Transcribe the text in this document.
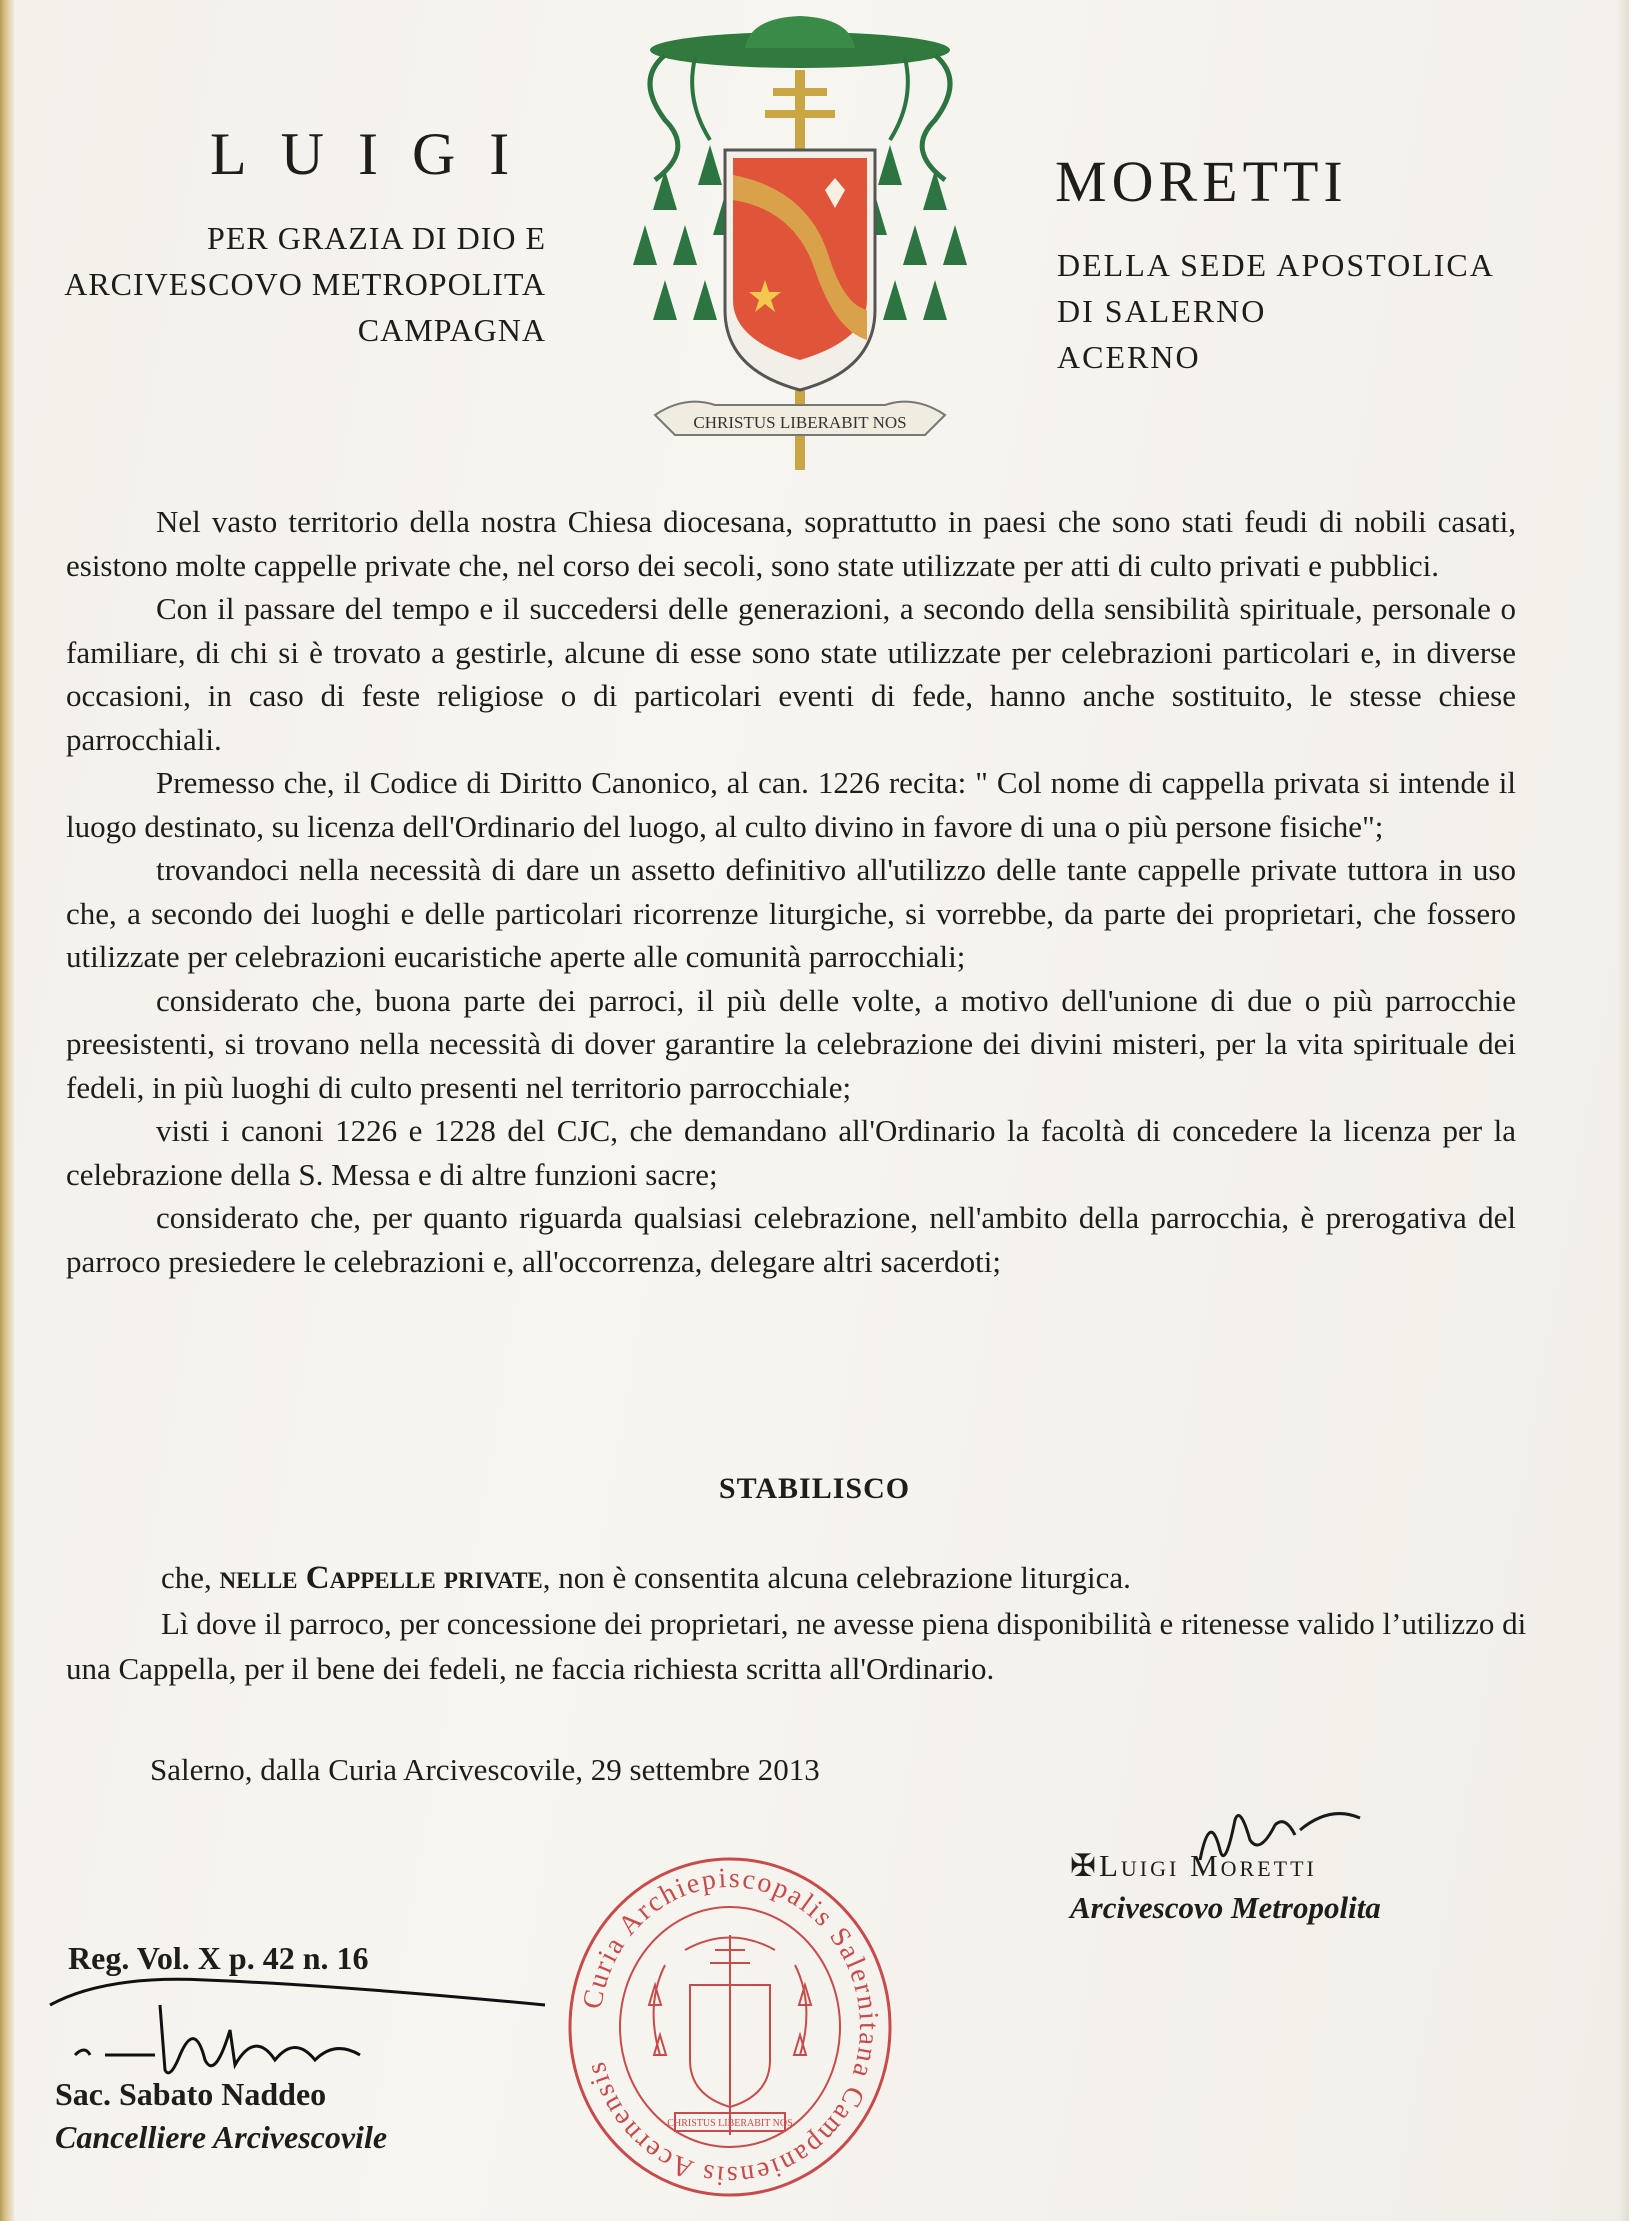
LUIGI	MORETTI
PER GRAZIA DI DIO E
ARCIVESCOVO METROPOLITA
CAMPAGNA
DELLA SEDE APOSTOLICA
DI SALERNO
ACERNO
CHRISTUS LIBERABIT NOS

Nel vasto territorio della nostra Chiesa diocesana, soprattutto in paesi che sono stati feudi di nobili casati, esistono molte cappelle private che, nel corso dei secoli, sono state utilizzate per atti di culto privati e pubblici.

Con il passare del tempo e il succedersi delle generazioni, a secondo della sensibilità spirituale, personale o familiare, di chi si è trovato a gestirle, alcune di esse sono state utilizzate per celebrazioni particolari e, in diverse occasioni, in caso di feste religiose o di particolari eventi di fede, hanno anche sostituito, le stesse chiese parrocchiali.

Premesso che, il Codice di Diritto Canonico, al can. 1226 recita: " Col nome di cappella privata si intende il luogo destinato, su licenza dell'Ordinario del luogo, al culto divino in favore di una o più persone fisiche";

trovandoci nella necessità di dare un assetto definitivo all'utilizzo delle tante cappelle private tuttora in uso che, a secondo dei luoghi e delle particolari ricorrenze liturgiche, si vorrebbe, da parte dei proprietari, che fossero utilizzate per celebrazioni eucaristiche aperte alle comunità parrocchiali;

considerato che, buona parte dei parroci, il più delle volte, a motivo dell'unione di due o più parrocchie preesistenti, si trovano nella necessità di dover garantire la celebrazione dei divini misteri, per la vita spirituale dei fedeli, in più luoghi di culto presenti nel territorio parrocchiale;

visti i canoni 1226 e 1228 del CJC, che demandano all'Ordinario la facoltà di concedere la licenza per la celebrazione della S. Messa e di altre funzioni sacre;

considerato che, per quanto riguarda qualsiasi celebrazione, nell'ambito della parrocchia, è prerogativa del parroco presiedere le celebrazioni e, all'occorrenza, delegare altri sacerdoti;

STABILISCO

che, nelle Cappelle private, non è consentita alcuna celebrazione liturgica.

Lì dove il parroco, per concessione dei proprietari, ne avesse piena disponibilità e ritenesse valido l’utilizzo di una Cappella, per il bene dei fedeli, ne faccia richiesta scritta all'Ordinario.

Salerno, dalla Curia Arcivescovile, 29 settembre 2013
✠Luigi Moretti
Arcivescovo Metropolita
Reg. Vol. X p. 42 n. 16
Sac. Sabato Naddeo
Cancelliere Arcivescovile
Curia Archiepiscopalis Salernitana Campaniensis Acernensis
CHRISTUS LIBERABIT NOS
